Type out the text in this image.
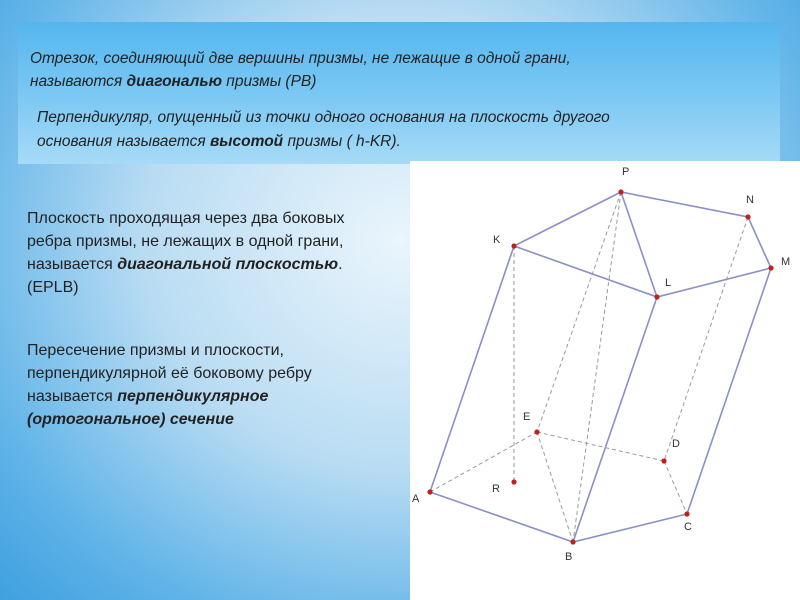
Отрезок, соединяющий две вершины призмы, не лежащие в одной грани,
называются диагональю призмы (PB)

Перпендикуляр, опущенный из точки одного основания на плоскость другого
основания называется высотой призмы ( h-KR).

Плоскость проходящая через два боковых
ребра призмы, не лежащих в одной грани,
называется диагональной плоскостью.
(EPLB)

Пересечение призмы и плоскости,
перпендикулярной её боковому ребру
называется перпендикулярное
(ортогональное) сечение

P
N
K
M
L
E
D
A
R
C
B
